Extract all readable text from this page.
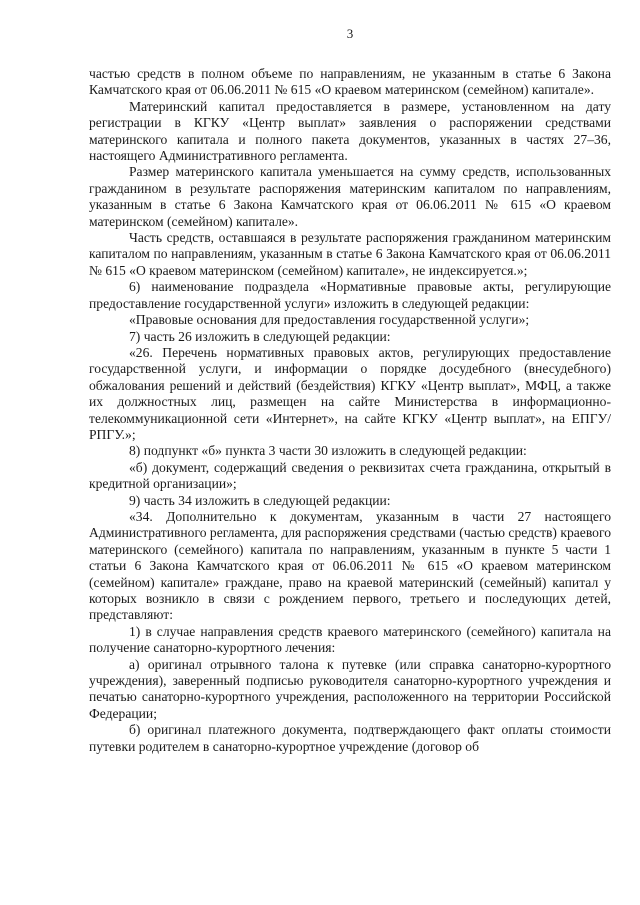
3

частью средств в полном объеме по направлениям, не указанным в статье 6 Закона Камчатского края от 06.06.2011 № 615 «О краевом материнском (семейном) капитале».

Материнский капитал предоставляется в размере, установленном на дату регистрации в КГКУ «Центр выплат» заявления о распоряжении средствами материнского капитала и полного пакета документов, указанных в частях 27–36, настоящего Административного регламента.

Размер материнского капитала уменьшается на сумму средств, использованных гражданином в результате распоряжения материнским капиталом по направлениям, указанным в статье 6 Закона Камчатского края от 06.06.2011 № 615 «О краевом материнском (семейном) капитале».

Часть средств, оставшаяся в результате распоряжения гражданином материнским капиталом по направлениям, указанным в статье 6 Закона Камчатского края от 06.06.2011 № 615 «О краевом материнском (семейном) капитале», не индексируется.»;

6) наименование подраздела «Нормативные правовые акты, регулирующие предоставление государственной услуги» изложить в следующей редакции:

«Правовые основания для предоставления государственной услуги»;

7) часть 26 изложить в следующей редакции:

«26. Перечень нормативных правовых актов, регулирующих предоставление государственной услуги, и информации о порядке досудебного (внесудебного) обжалования решений и действий (бездействия) КГКУ «Центр выплат», МФЦ, а также их должностных лиц, размещен на сайте Министерства в информационно-телекоммуникационной сети «Интернет», на сайте КГКУ «Центр выплат», на ЕПГУ/РПГУ.»;

8) подпункт «б» пункта 3 части 30 изложить в следующей редакции:

«б) документ, содержащий сведения о реквизитах счета гражданина, открытый в кредитной организации»;

9) часть 34 изложить в следующей редакции:

«34. Дополнительно к документам, указанным в части 27 настоящего Административного регламента, для распоряжения средствами (частью средств) краевого материнского (семейного) капитала по направлениям, указанным в пункте 5 части 1 статьи 6 Закона Камчатского края от 06.06.2011 № 615 «О краевом материнском (семейном) капитале» граждане, право на краевой материнский (семейный) капитал у которых возникло в связи с рождением первого, третьего и последующих детей, представляют:

1) в случае направления средств краевого материнского (семейного) капитала на получение санаторно-курортного лечения:

а) оригинал отрывного талона к путевке (или справка санаторно-курортного учреждения), заверенный подписью руководителя санаторно-курортного учреждения и печатью санаторно-курортного учреждения, расположенного на территории Российской Федерации;

б) оригинал платежного документа, подтверждающего факт оплаты стоимости путевки родителем в санаторно-курортное учреждение (договор об
